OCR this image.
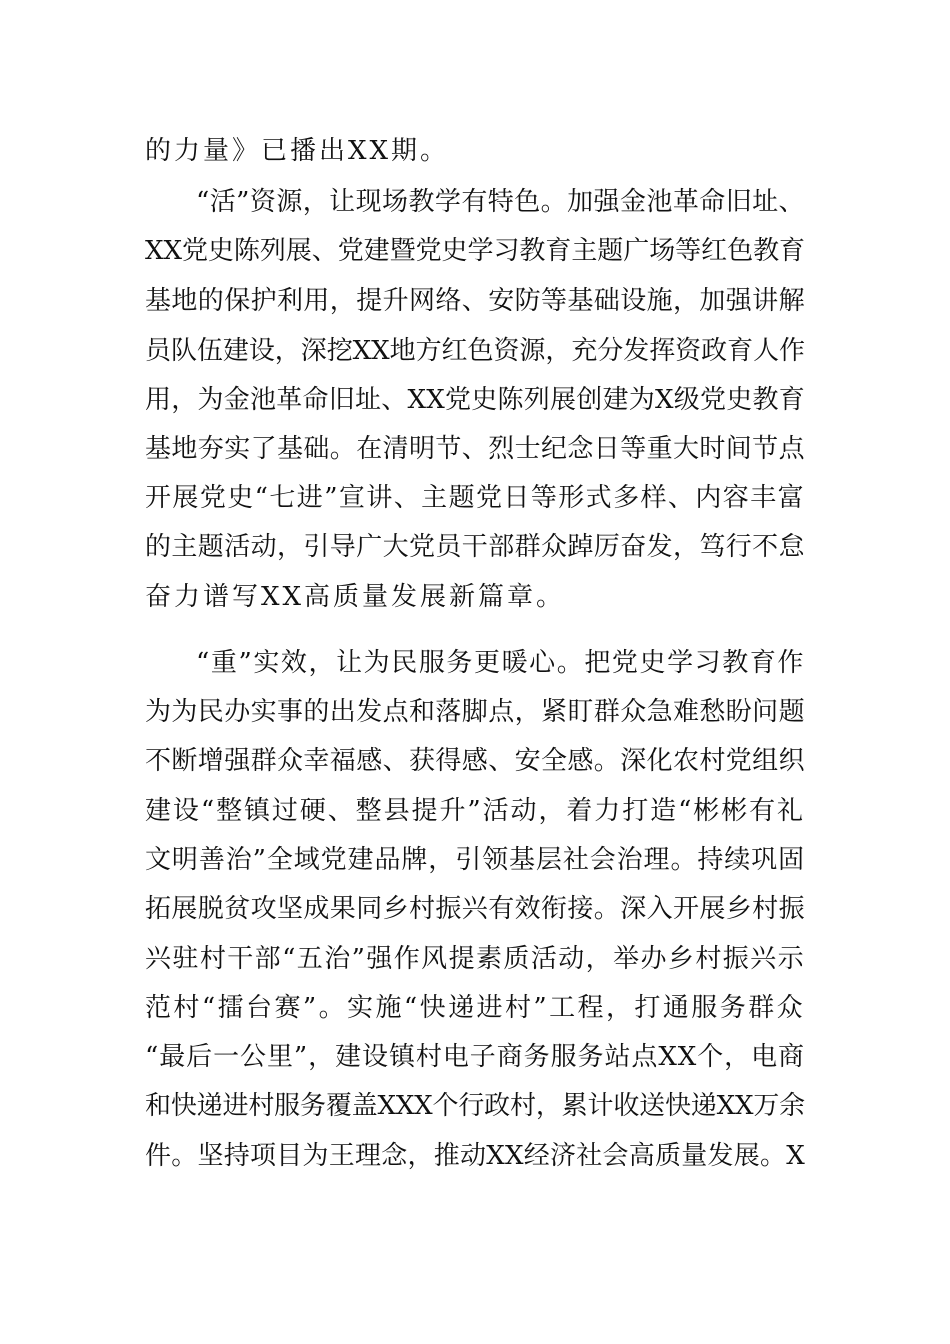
的力量》已播出XX期。
“活”资源，让现场教学有特色。加强金池革命旧址、
XX党史陈列展、党建暨党史学习教育主题广场等红色教育
基地的保护利用，提升网络、安防等基础设施，加强讲解
员队伍建设，深挖XX地方红色资源，充分发挥资政育人作
用，为金池革命旧址、XX党史陈列展创建为X级党史教育
基地夯实了基础。在清明节、烈士纪念日等重大时间节点
开展党史“七进”宣讲、主题党日等形式多样、内容丰富
的主题活动，引导广大党员干部群众踔厉奋发，笃行不怠
奋力谱写XX高质量发展新篇章。
“重”实效，让为民服务更暖心。把党史学习教育作
为为民办实事的出发点和落脚点，紧盯群众急难愁盼问题
不断增强群众幸福感、获得感、安全感。深化农村党组织
建设“整镇过硬、整县提升”活动，着力打造“彬彬有礼
文明善治”全域党建品牌，引领基层社会治理。持续巩固
拓展脱贫攻坚成果同乡村振兴有效衔接。深入开展乡村振
兴驻村干部“五治”强作风提素质活动，举办乡村振兴示
范村“擂台赛”。实施“快递进村”工程，打通服务群众
“最后一公里”，建设镇村电子商务服务站点XX个，电商
和快递进村服务覆盖XXX个行政村，累计收送快递XX万余
件。坚持项目为王理念，推动XX经济社会高质量发展。X
